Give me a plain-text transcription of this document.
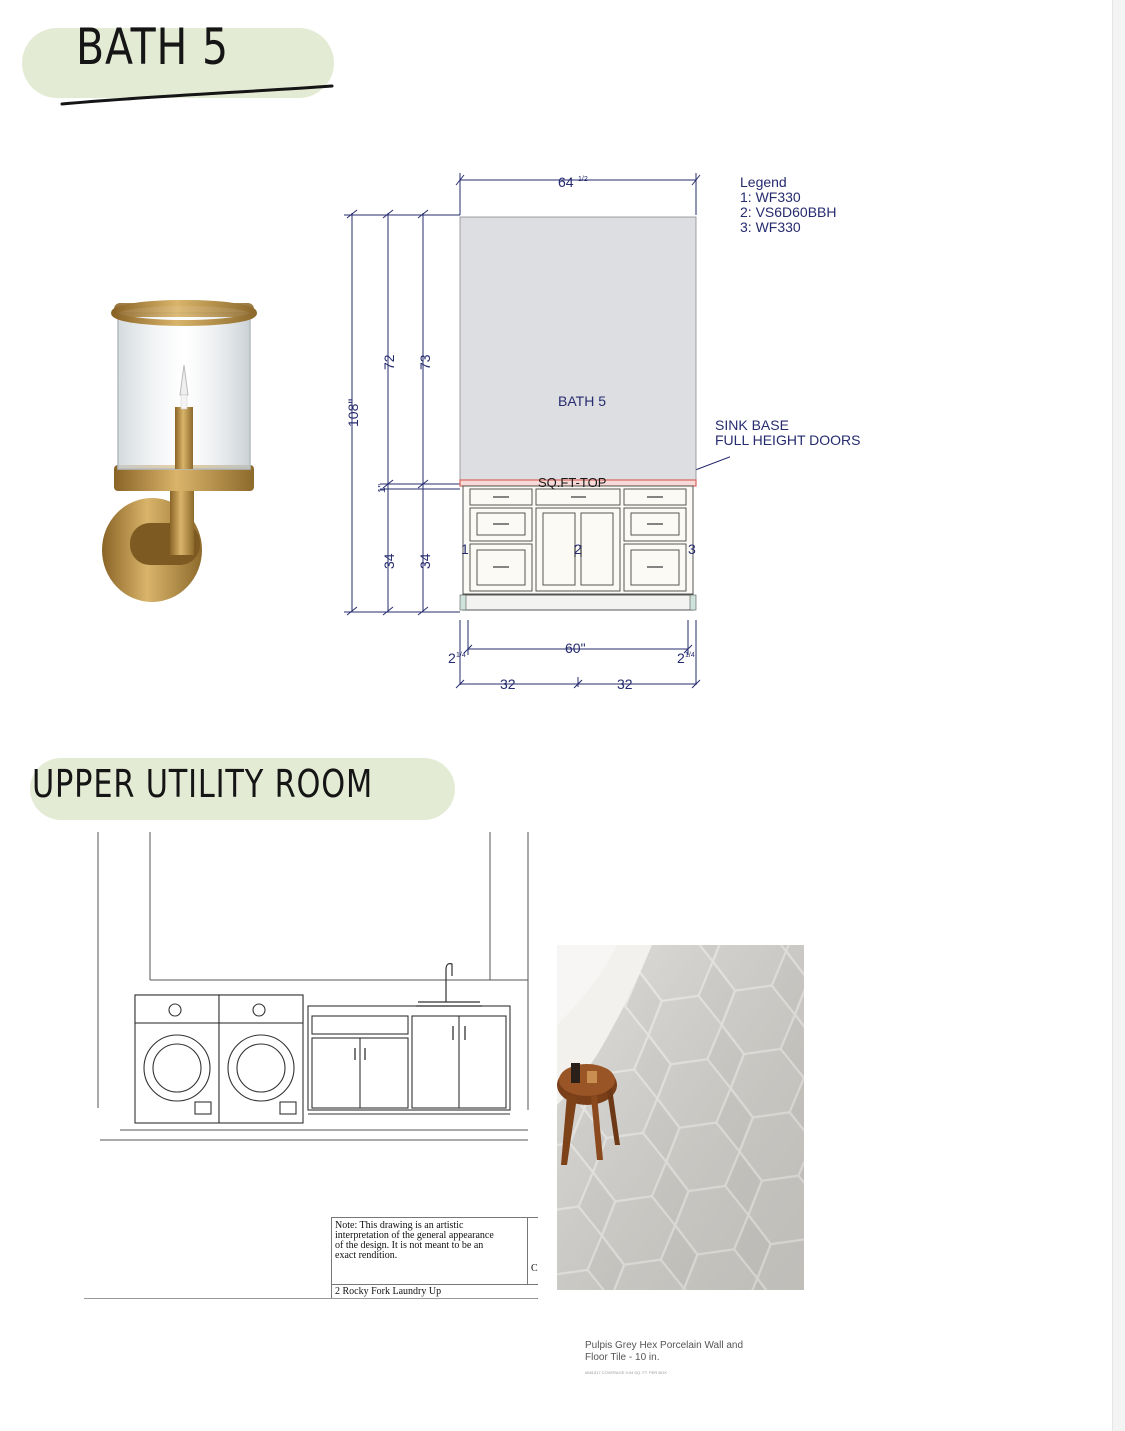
BATH 5
64 1/2
BATH 5
60"
2	2
1/4	1/4
32	32
1	2	3
108"
72 73
34 34
1"	SQ.FT-TOP
Legend
1: WF330
2: VS6D60BBH
3: WF330
SINK BASE
FULL HEIGHT DOORS
UPPER UTILITY ROOM
Note: This drawing is an artistic interpretation of the general appearance of the design. It is not meant to be an exact rendition.
C
2 Rocky Fork Laundry Up
Pulpis Grey Hex Porcelain Wall and Floor Tile - 10 in.
#681517 COVERAGE 9.04 SQ. FT. PER BOX
